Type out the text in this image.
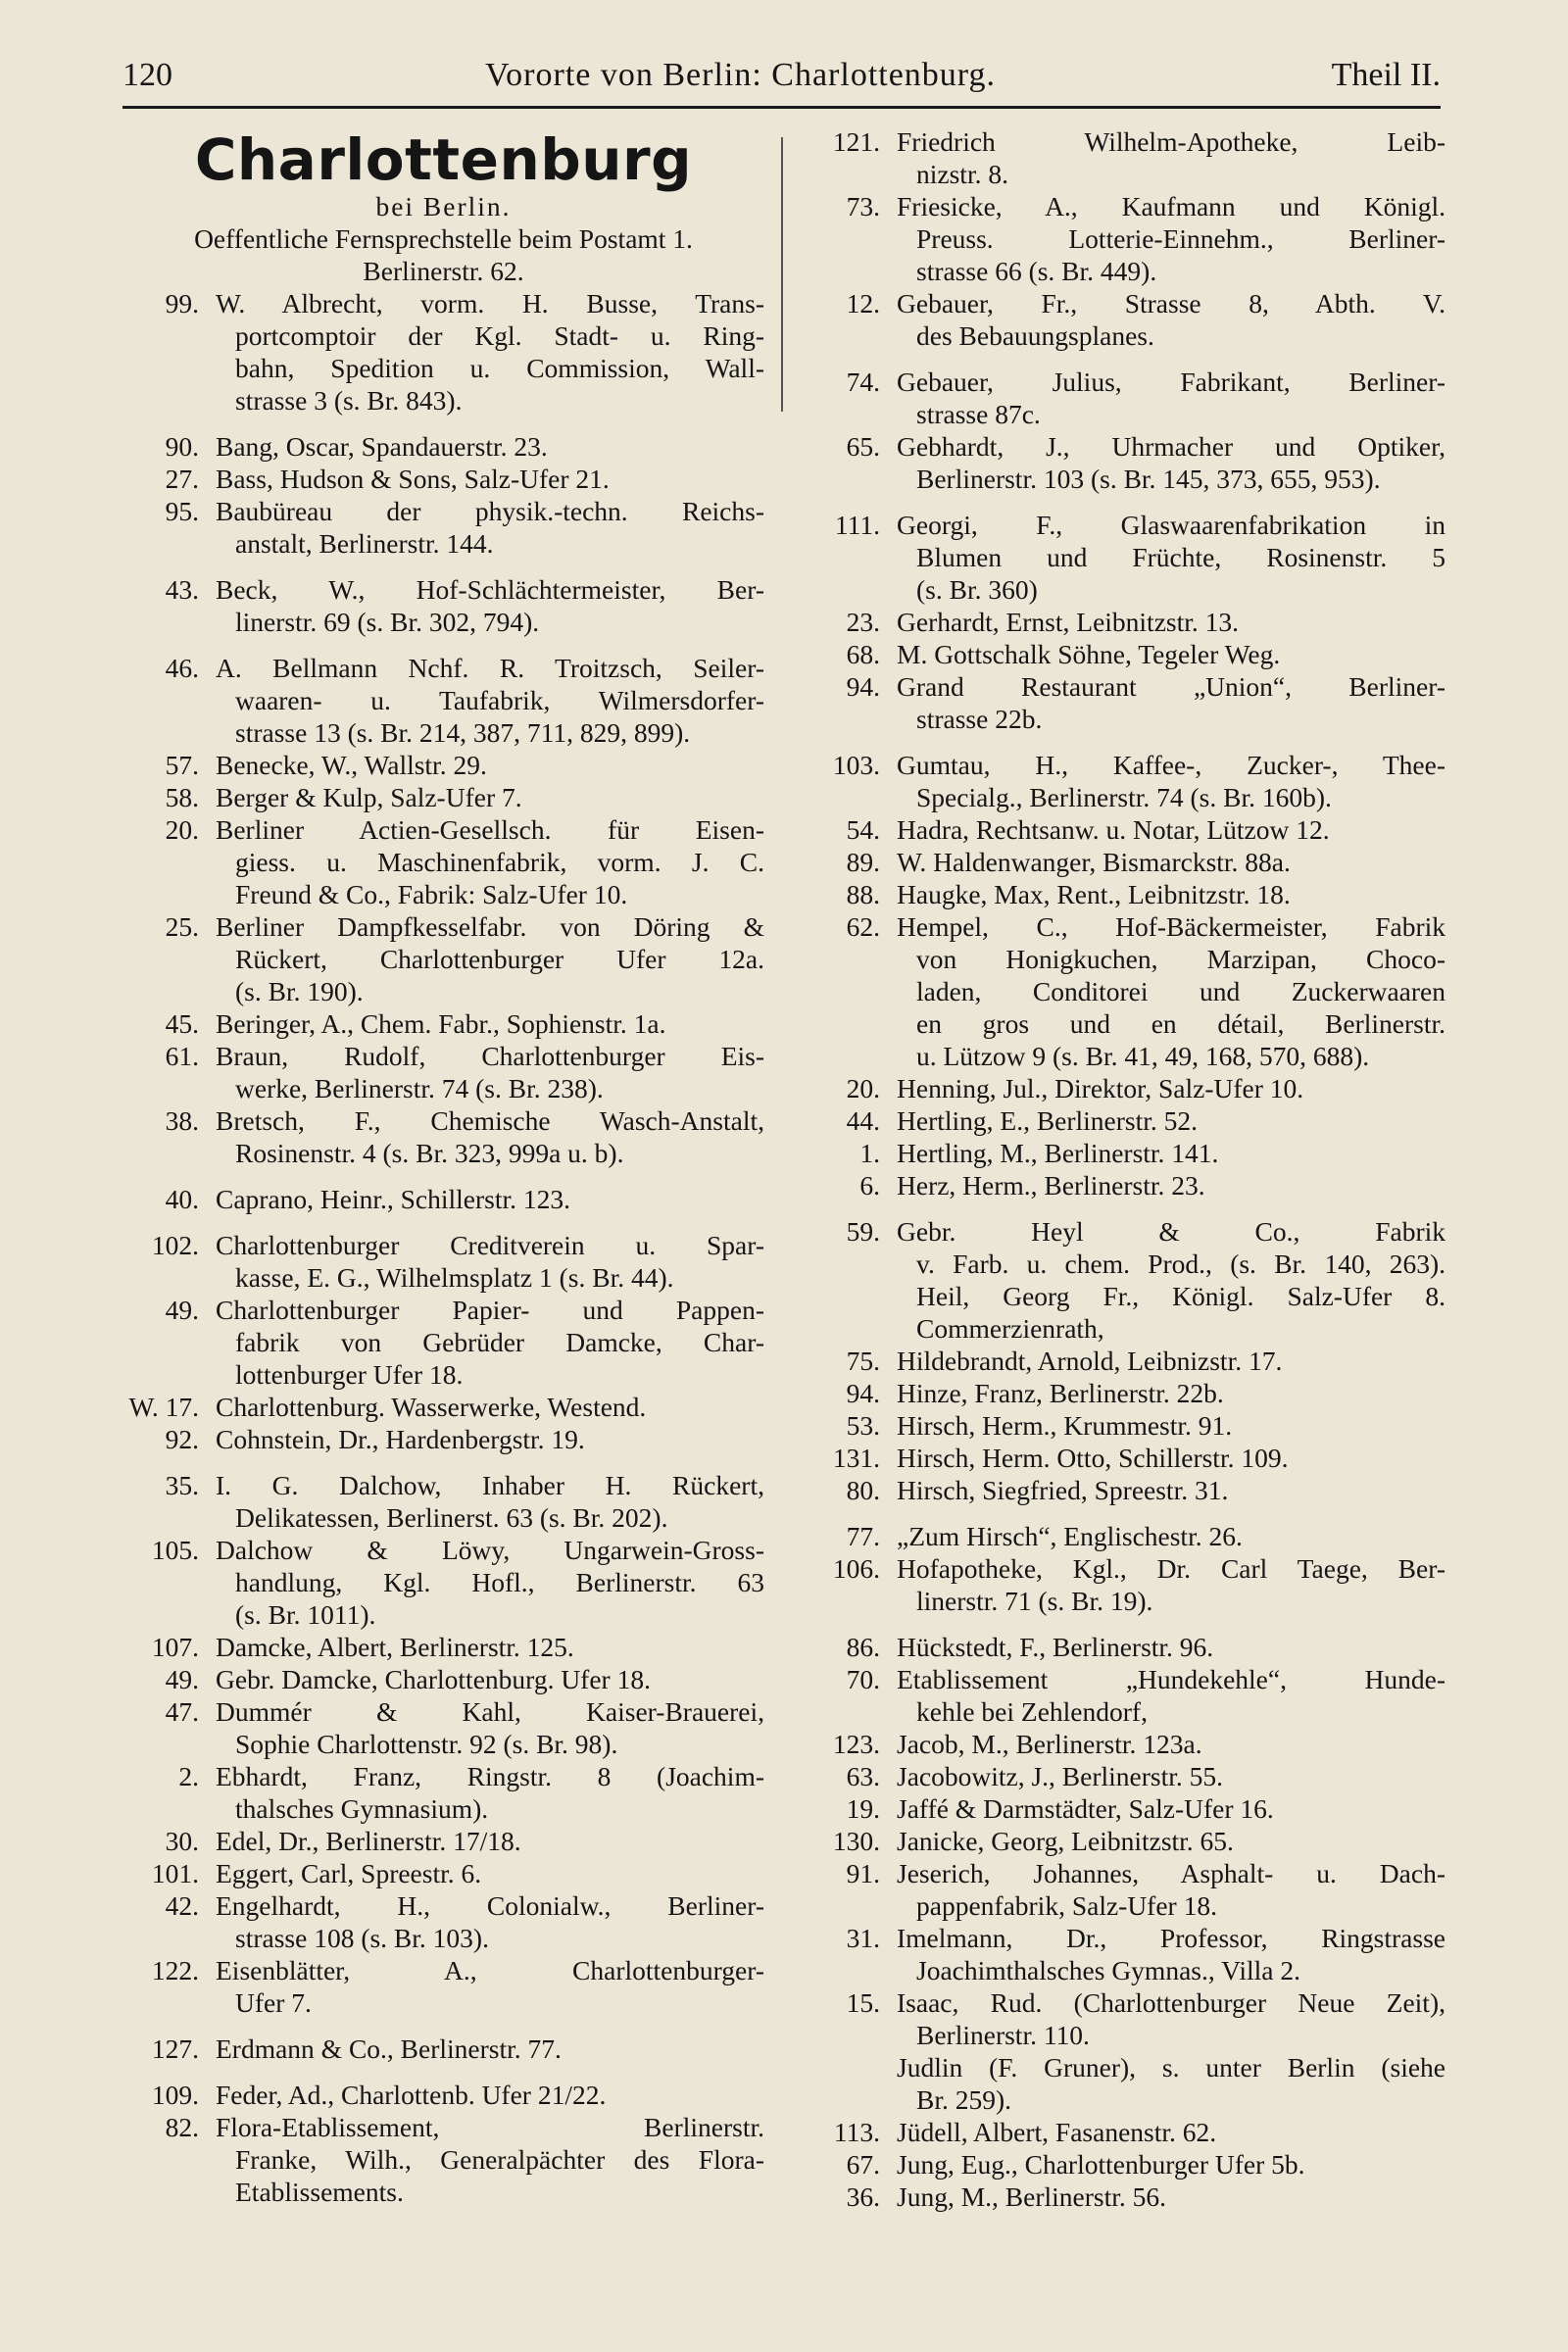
120	Vororte von Berlin: Charlottenburg.	Theil II.
Charlottenburg
bei Berlin.
Oeffentliche Fernsprechstelle beim Postamt 1.
Berlinerstr. 62.
99. W. Albrecht, vorm. H. Busse, Trans-
portcomptoir der Kgl. Stadt- u. Ring-
bahn, Spedition u. Commission, Wall-
strasse 3 (s. Br. 843).
90. Bang, Oscar, Spandauerstr. 23.
27. Bass, Hudson & Sons, Salz-Ufer 21.
95. Baubüreau der physik.-techn. Reichs-
anstalt, Berlinerstr. 144.
43. Beck, W., Hof-Schlächtermeister, Ber-
linerstr. 69 (s. Br. 302, 794).
46. A. Bellmann Nchf. R. Troitzsch, Seiler-
waaren- u. Taufabrik, Wilmersdorfer-
strasse 13 (s. Br. 214, 387, 711, 829, 899).
57. Benecke, W., Wallstr. 29.
58. Berger & Kulp, Salz-Ufer 7.
20. Berliner Actien-Gesellsch. für Eisen-
giess. u. Maschinenfabrik, vorm. J. C.
Freund & Co., Fabrik: Salz-Ufer 10.
25. Berliner Dampfkesselfabr. von Döring &
Rückert, Charlottenburger Ufer 12a.
(s. Br. 190).
45. Beringer, A., Chem. Fabr., Sophienstr. 1a.
61. Braun, Rudolf, Charlottenburger Eis-
werke, Berlinerstr. 74 (s. Br. 238).
38. Bretsch, F., Chemische Wasch-Anstalt,
Rosinenstr. 4 (s. Br. 323, 999a u. b).
40. Caprano, Heinr., Schillerstr. 123.
102. Charlottenburger Creditverein u. Spar-
kasse, E. G., Wilhelmsplatz 1 (s. Br. 44).
49. Charlottenburger Papier- und Pappen-
fabrik von Gebrüder Damcke, Char-
lottenburger Ufer 18.
W. 17. Charlottenburg. Wasserwerke, Westend.
92. Cohnstein, Dr., Hardenbergstr. 19.
35. I. G. Dalchow, Inhaber H. Rückert,
Delikatessen, Berlinerst. 63 (s. Br. 202).
105. Dalchow & Löwy, Ungarwein-Gross-
handlung, Kgl. Hofl., Berlinerstr. 63
(s. Br. 1011).
107. Damcke, Albert, Berlinerstr. 125.
49. Gebr. Damcke, Charlottenburg. Ufer 18.
47. Dummér & Kahl, Kaiser-Brauerei,
Sophie Charlottenstr. 92 (s. Br. 98).
2. Ebhardt, Franz, Ringstr. 8 (Joachim-
thalsches Gymnasium).
30. Edel, Dr., Berlinerstr. 17/18.
101. Eggert, Carl, Spreestr. 6.
42. Engelhardt, H., Colonialw., Berliner-
strasse 108 (s. Br. 103).
122. Eisenblätter, A., Charlottenburger-
Ufer 7.
127. Erdmann & Co., Berlinerstr. 77.
109. Feder, Ad., Charlottenb. Ufer 21/22.
82. Flora-Etablissement, Berlinerstr.
Franke, Wilh., Generalpächter des Flora-
Etablissements.
121. Friedrich Wilhelm-Apotheke, Leib-
nizstr. 8.
73. Friesicke, A., Kaufmann und Königl.
Preuss. Lotterie-Einnehm., Berliner-
strasse 66 (s. Br. 449).
12. Gebauer, Fr., Strasse 8, Abth. V.
des Bebauungsplanes.
74. Gebauer, Julius, Fabrikant, Berliner-
strasse 87c.
65. Gebhardt, J., Uhrmacher und Optiker,
Berlinerstr. 103 (s. Br. 145, 373, 655, 953).
111. Georgi, F., Glaswaarenfabrikation in
Blumen und Früchte, Rosinenstr. 5
(s. Br. 360)
23. Gerhardt, Ernst, Leibnitzstr. 13.
68. M. Gottschalk Söhne, Tegeler Weg.
94. Grand Restaurant „Union“, Berliner-
strasse 22b.
103. Gumtau, H., Kaffee-, Zucker-, Thee-
Specialg., Berlinerstr. 74 (s. Br. 160b).
54. Hadra, Rechtsanw. u. Notar, Lützow 12.
89. W. Haldenwanger, Bismarckstr. 88a.
88. Haugke, Max, Rent., Leibnitzstr. 18.
62. Hempel, C., Hof-Bäckermeister, Fabrik
von Honigkuchen, Marzipan, Choco-
laden, Conditorei und Zuckerwaaren
en gros und en détail, Berlinerstr.
u. Lützow 9 (s. Br. 41, 49, 168, 570, 688).
20. Henning, Jul., Direktor, Salz-Ufer 10.
44. Hertling, E., Berlinerstr. 52.
1. Hertling, M., Berlinerstr. 141.
6. Herz, Herm., Berlinerstr. 23.
59. Gebr. Heyl & Co., Fabrik
v. Farb. u. chem. Prod., (s. Br. 140, 263).
Heil, Georg Fr., Königl. Salz-Ufer 8.
Commerzienrath,
75. Hildebrandt, Arnold, Leibnizstr. 17.
94. Hinze, Franz, Berlinerstr. 22b.
53. Hirsch, Herm., Krummestr. 91.
131. Hirsch, Herm. Otto, Schillerstr. 109.
80. Hirsch, Siegfried, Spreestr. 31.
77. „Zum Hirsch“, Englischestr. 26.
106. Hofapotheke, Kgl., Dr. Carl Taege, Ber-
linerstr. 71 (s. Br. 19).
86. Hückstedt, F., Berlinerstr. 96.
70. Etablissement „Hundekehle“, Hunde-
kehle bei Zehlendorf,
123. Jacob, M., Berlinerstr. 123a.
63. Jacobowitz, J., Berlinerstr. 55.
19. Jaffé & Darmstädter, Salz-Ufer 16.
130. Janicke, Georg, Leibnitzstr. 65.
91. Jeserich, Johannes, Asphalt- u. Dach-
pappenfabrik, Salz-Ufer 18.
31. Imelmann, Dr., Professor, Ringstrasse
Joachimthalsches Gymnas., Villa 2.
15. Isaac, Rud. (Charlottenburger Neue Zeit),
Berlinerstr. 110.
Judlin (F. Gruner), s. unter Berlin (siehe
Br. 259).
113. Jüdell, Albert, Fasanenstr. 62.
67. Jung, Eug., Charlottenburger Ufer 5b.
36. Jung, M., Berlinerstr. 56.
